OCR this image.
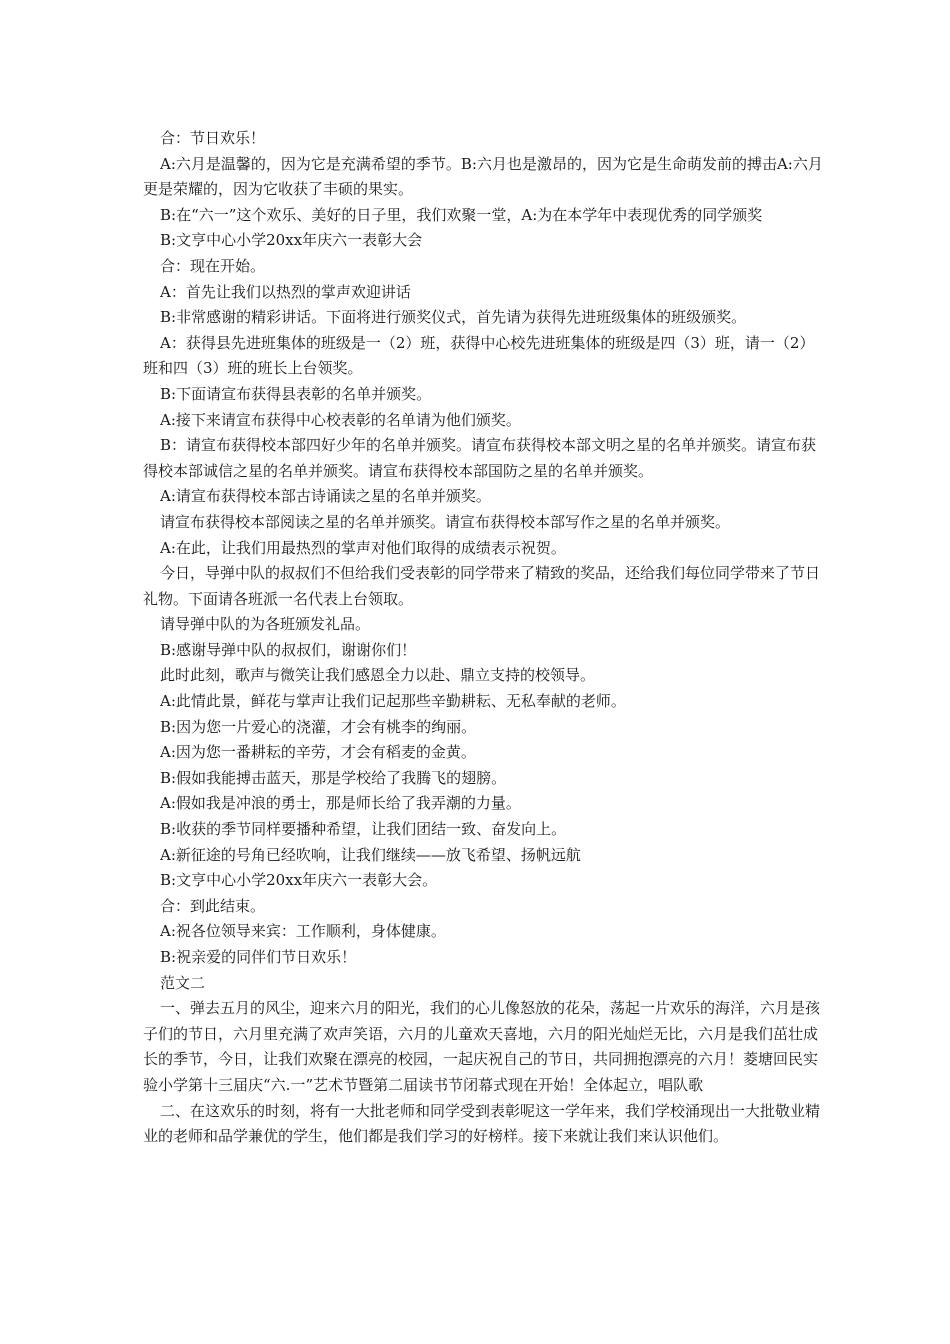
合：节日欢乐！

A:六月是温馨的，因为它是充满希望的季节。B:六月也是激昂的，因为它是生命萌发前的搏击A:六月更是荣耀的，因为它收获了丰硕的果实。

B:在“六一”这个欢乐、美好的日子里，我们欢聚一堂，A:为在本学年中表现优秀的同学颁奖

B:文亨中心小学20xx年庆六一表彰大会

合：现在开始。

A：首先让我们以热烈的掌声欢迎讲话

B:非常感谢的精彩讲话。下面将进行颁奖仪式，首先请为获得先进班级集体的班级颁奖。

A：获得县先进班集体的班级是一（2）班，获得中心校先进班集体的班级是四（3）班，请一（2）班和四（3）班的班长上台领奖。

B:下面请宣布获得县表彰的名单并颁奖。

A:接下来请宣布获得中心校表彰的名单请为他们颁奖。

B：请宣布获得校本部四好少年的名单并颁奖。请宣布获得校本部文明之星的名单并颁奖。请宣布获得校本部诚信之星的名单并颁奖。请宣布获得校本部国防之星的名单并颁奖。

A:请宣布获得校本部古诗诵读之星的名单并颁奖。

请宣布获得校本部阅读之星的名单并颁奖。请宣布获得校本部写作之星的名单并颁奖。

A:在此，让我们用最热烈的掌声对他们取得的成绩表示祝贺。

今日，导弹中队的叔叔们不但给我们受表彰的同学带来了精致的奖品，还给我们每位同学带来了节日礼物。下面请各班派一名代表上台领取。

请导弹中队的为各班颁发礼品。

B:感谢导弹中队的叔叔们，谢谢你们！

此时此刻，歌声与微笑让我们感恩全力以赴、鼎立支持的校领导。

A:此情此景，鲜花与掌声让我们记起那些辛勤耕耘、无私奉献的老师。

B:因为您一片爱心的浇灌，才会有桃李的绚丽。

A:因为您一番耕耘的辛劳，才会有稻麦的金黄。

B:假如我能搏击蓝天，那是学校给了我腾飞的翅膀。

A:假如我是冲浪的勇士，那是师长给了我弄潮的力量。

B:收获的季节同样要播种希望，让我们团结一致、奋发向上。

A:新征途的号角已经吹响，让我们继续——放飞希望、扬帆远航

B:文亨中心小学20xx年庆六一表彰大会。

合：到此结束。

A:祝各位领导来宾：工作顺利，身体健康。

B:祝亲爱的同伴们节日欢乐！

范文二

一、弹去五月的风尘，迎来六月的阳光，我们的心儿像怒放的花朵，荡起一片欢乐的海洋，六月是孩子们的节日，六月里充满了欢声笑语，六月的儿童欢天喜地，六月的阳光灿烂无比，六月是我们茁壮成长的季节，今日，让我们欢聚在漂亮的校园，一起庆祝自己的节日，共同拥抱漂亮的六月！菱塘回民实验小学第十三届庆“六.一”艺术节暨第二届读书节闭幕式现在开始！全体起立，唱队歌

二、在这欢乐的时刻，将有一大批老师和同学受到表彰呢这一学年来，我们学校涌现出一大批敬业精业的老师和品学兼优的学生，他们都是我们学习的好榜样。接下来就让我们来认识他们。
